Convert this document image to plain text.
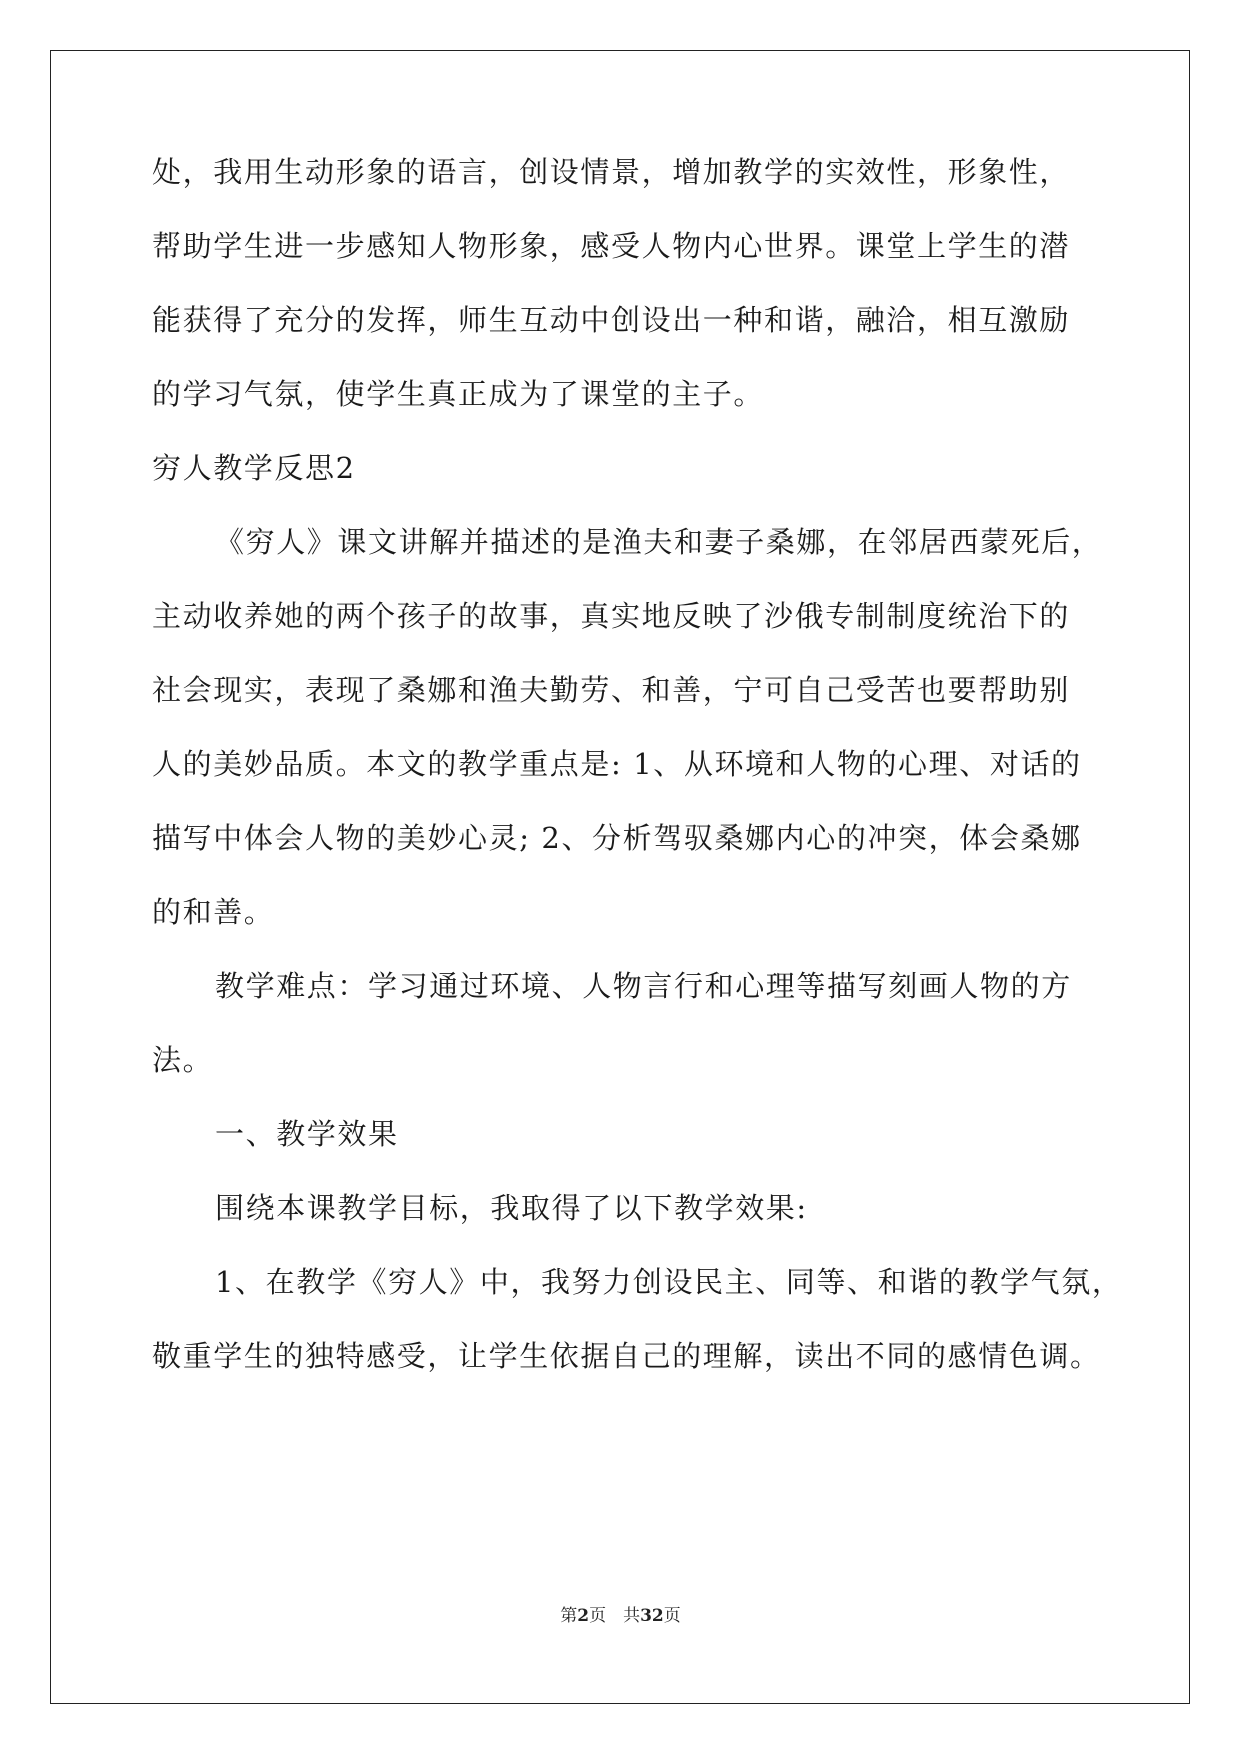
处，我用生动形象的语言，创设情景，增加教学的实效性，形象性，
帮助学生进一步感知人物形象，感受人物内心世界。课堂上学生的潜
能获得了充分的发挥，师生互动中创设出一种和谐，融洽，相互激励
的学习气氛，使学生真正成为了课堂的主子。
穷人教学反思2
《穷人》课文讲解并描述的是渔夫和妻子桑娜，在邻居西蒙死后，
主动收养她的两个孩子的故事，真实地反映了沙俄专制制度统治下的
社会现实，表现了桑娜和渔夫勤劳、和善，宁可自己受苦也要帮助别
人的美妙品质。本文的教学重点是: 1、从环境和人物的心理、对话的
描写中体会人物的美妙心灵; 2、分析驾驭桑娜内心的冲突，体会桑娜
的和善。
教学难点：学习通过环境、人物言行和心理等描写刻画人物的方
法。
一、教学效果
围绕本课教学目标，我取得了以下教学效果:
1、在教学《穷人》中，我努力创设民主、同等、和谐的教学气氛，
敬重学生的独特感受，让学生依据自己的理解，读出不同的感情色调。
第2页　共32页
